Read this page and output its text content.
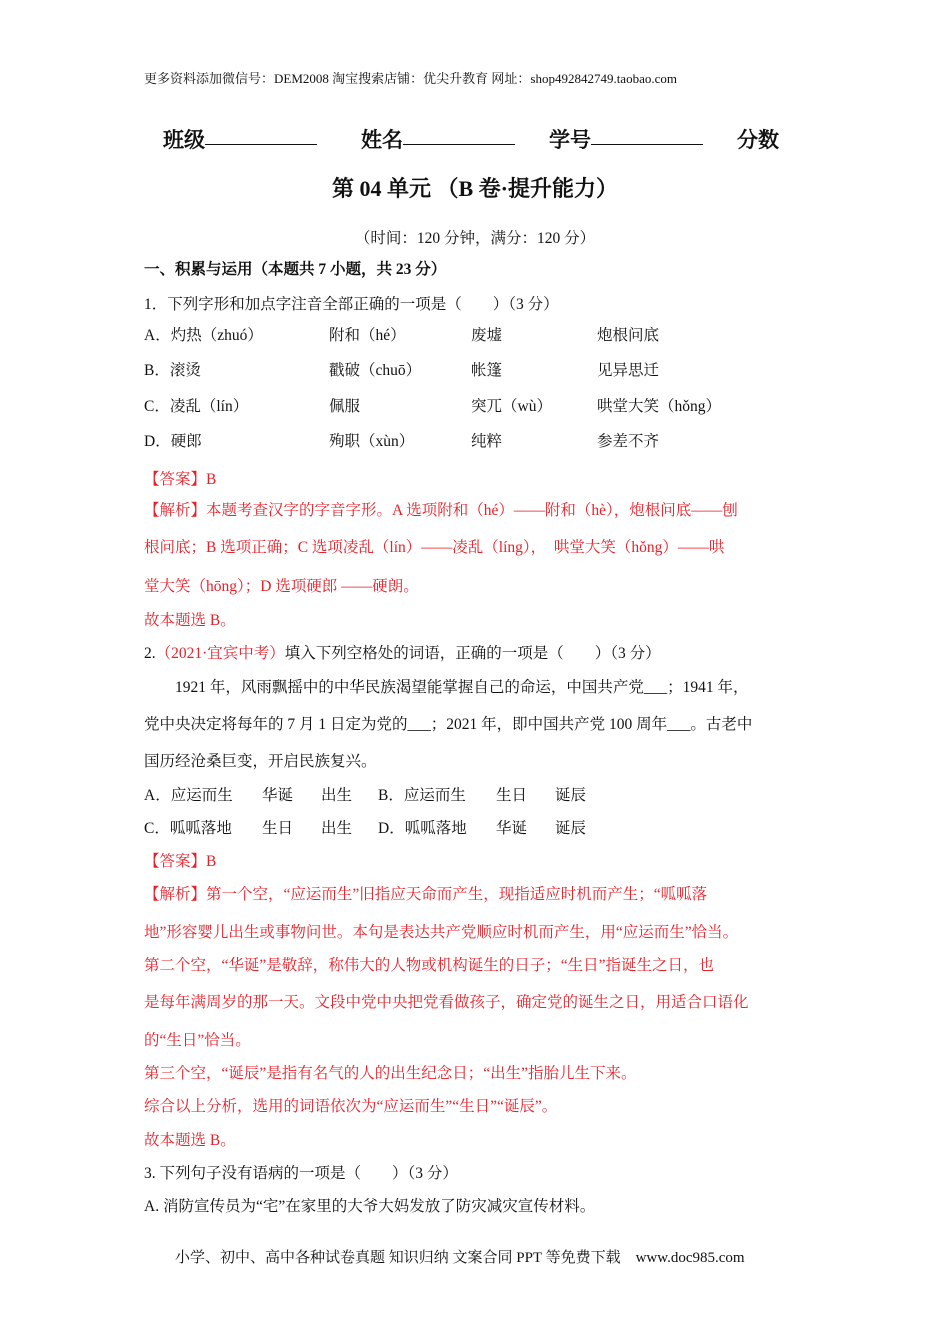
更多资料添加微信号：DEM2008 淘宝搜索店铺：优尖升教育 网址：shop492842749.taobao.com
班级	姓名	学号	分数
第 04 单元 （B 卷·提升能力）
（时间：120 分钟，满分：120 分）
一、积累与运用（本题共 7 小题，共 23 分）
1．下列字形和加点字注音全部正确的一项是（　　）（3 分）
A．灼热（zhuó）	附和（hé）	废墟	炮根问底
B．滚烫	戳破（chuō）	帐篷	见异思迁
C．凌乱（lín）	佩服	突兀（wù）	哄堂大笑（hǒng）
D．硬郎	殉职（xùn）	纯粹	参差不齐
【答案】B
【解析】本题考查汉字的字音字形。A 选项附和（hé）——附和（hè），炮根问底——刨
根问底；B 选项正确；C 选项凌乱（lín）——凌乱（líng），　哄堂大笑（hǒng）——哄
堂大笑（hōng）；D 选项硬郎 ——硬朗。
故本题选 B。
2.（2021·宜宾中考）填入下列空格处的词语，正确的一项是（　　）（3 分）
　　1921 年，风雨飘摇中的中华民族渴望能掌握自己的命运，中国共产党___；1941 年，
党中央决定将每年的 7 月 1 日定为党的___；2021 年，即中国共产党 100 周年___。古老中
国历经沧桑巨变，开启民族复兴。
A．应运而生 华诞 出生 B．应运而生 生日 诞辰
C．呱呱落地 生日 出生 D．呱呱落地 华诞 诞辰
【答案】B
【解析】第一个空，“应运而生”旧指应天命而产生，现指适应时机而产生；“呱呱落
地”形容婴儿出生或事物问世。本句是表达共产党顺应时机而产生，用“应运而生”恰当。
第二个空，“华诞”是敬辞，称伟大的人物或机构诞生的日子；“生日”指诞生之日，也
是每年满周岁的那一天。文段中党中央把党看做孩子，确定党的诞生之日，用适合口语化
的“生日”恰当。
第三个空，“诞辰”是指有名气的人的出生纪念日；“出生”指胎儿生下来。
综合以上分析，选用的词语依次为“应运而生”“生日”“诞辰”。
故本题选 B。
3. 下列句子没有语病的一项是（　　）（3 分）
A. 消防宣传员为“宅”在家里的大爷大妈发放了防灾减灾宣传材料。
小学、初中、高中各种试卷真题 知识归纳 文案合同 PPT 等免费下载　www.doc985.com
